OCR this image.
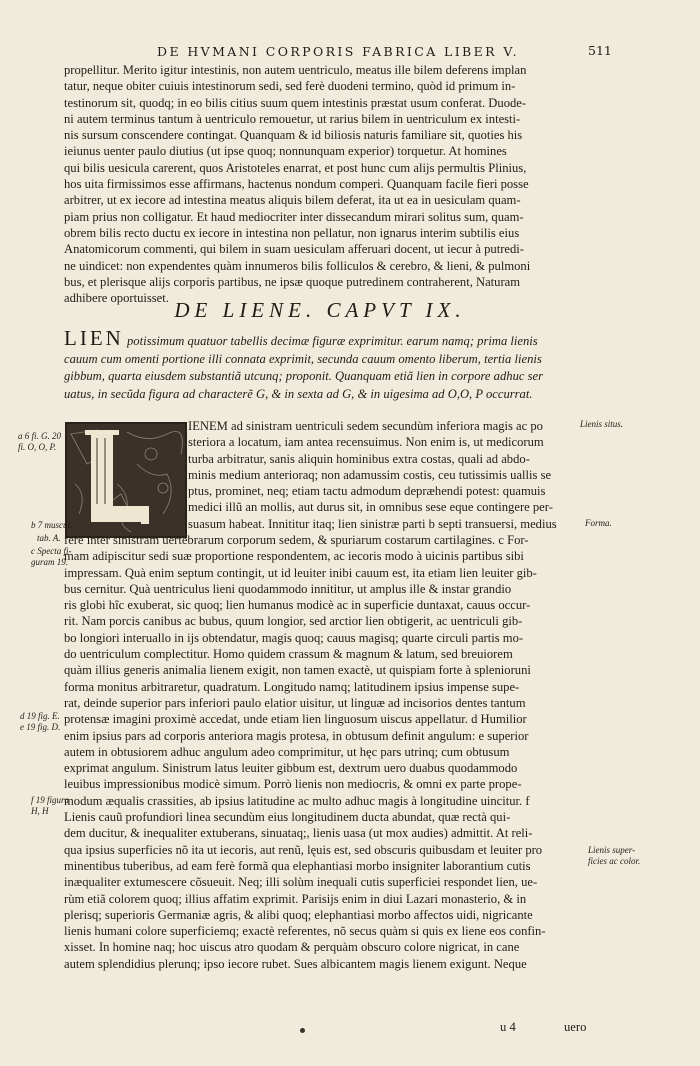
DE HVMANI CORPORIS FABRICA LIBER V.	511
propellitur. Merito igitur intestinis, non autem uentriculo, meatus ille bilem deferens implan
tatur, neque obiter cuiuis intestinorum sedi, sed ferè duodeni termino, quòd id primum in-
testinorum sit, quodq; in eo bilis citius suum quem intestinis præstat usum conferat. Duode-
ni autem terminus tantum à uentriculo remouetur, ut rarius bilem in uentriculum ex intesti-
nis sursum conscendere contingat. Quanquam & id biliosis naturis familiare sit, quoties his
ieiunus uenter paulo diutius (ut ipse quoq; nonnunquam experior) torquetur. At homines
qui bilis uesicula carerent, quos Aristoteles enarrat, et post hunc cum alijs permultis Plinius,
hos uita firmissimos esse affirmans, hactenus nondum comperi. Quanquam facile fieri posse
arbitrer, ut ex iecore ad intestina meatus aliquis bilem deferat, ita ut ea in uesiculam quam-
piam prius non colligatur. Et haud mediocriter inter dissecandum mirari solitus sum, quam-
obrem bilis recto ductu ex iecore in intestina non pellatur, non ignarus interim subtilis eius
Anatomicorum commenti, qui bilem in suam uesiculam afferuari docent, ut iecur à putredi-
ne uindicet: non expendentes quàm innumeros bilis folliculos & cerebro, & lieni, & pulmoni
bus, et plerisque alijs corporis partibus, ne ipsæ quoque putredinem contraherent, Naturam
adhibere oportuisset. DE LIENE. CAPVT IX.
LIEN potissimum quatuor tabellis decimæ figuræ exprimitur. earum namq; prima lienis
cauum cum omenti portione illi connata exprimit, secunda cauum omento liberum, tertia lienis
gibbum, quarta eiusdem substantiã utcunq; proponit. Quanquam etiã lien in corpore adhuc ser
uatus, in secũda figura ad characterẽ G, & in sexta ad G, & in uigesima ad O,O, P occurrat.
IENEM ad sinistram uentriculi sedem secundùm inferiora magis ac po
steriora a locatum, iam antea recensuimus. Non enim is, ut medicorum
turba arbitratur, sanis aliquin hominibus extra costas, quali ad abdo-
minis medium anterioraq; non adamussim costis, ceu tutissimis uallis se
ptus, prominet, neq; etiam tactu admodum depræhendi potest: quamuis
medici illũ an mollis, aut durus sit, in omnibus sese eque contingere per-
suasum habeat. Innititur itaq; lien sinistræ parti b septi transuersi, medius
fere inter sinistram uertebrarum corporum sedem, & spuriarum costarum cartilagines. c For-
mam adipiscitur sedi suæ proportione respondentem, ac iecoris modo à uicinis partibus sibi
impressam. Quà enim septum contingit, ut id leuiter inibi cauum est, ita etiam lien leuiter gib-
bus cernitur. Quà uentriculus lieni quodammodo innititur, ut amplus ille & instar grandio
ris globi hîc exuberat, sic quoq; lien humanus modicè ac in superficie duntaxat, cauus occur-
rit. Nam porcis canibus ac bubus, quum longior, sed arctior lien obtigerit, ac uentriculi gib-
bo longiori interuallo in ijs obtendatur, magis quoq; cauus magisq; quarte circuli partis mo-
do uentriculum complectitur. Homo quidem crassum & magnum & latum, sed breuiorem
quàm illius generis animalia lienem exigit, non tamen exactè, ut quispiam forte à splenioruni
forma monitus arbitraretur, quadratum. Longitudo namq; latitudinem ipsius impense supe-
rat, deinde superior pars inferiori paulo elatior uisitur, ut linguæ ad incisorios dentes tantum
protensæ imagini proximè accedat, unde etiam lien linguosum uiscus appellatur. d Humilior
enim ipsius pars ad corporis anteriora magis protesa, in obtusum definit angulum: e superior
autem in obtusiorem adhuc angulum adeo comprimitur, ut hęc pars utrinq; cum obtusum
exprimat angulum. Sinistrum latus leuiter gibbum est, dextrum uero duabus quodammodo
leuibus impressionibus modicè simum. Porrò lienis non mediocris, & omni ex parte prope-
modum æqualis crassities, ab ipsius latitudine ac multo adhuc magis à longitudine uincitur. f
Lienis cauũ profundiori linea secundùm eius longitudinem ducta abundat, quæ rectà qui-
dem ducitur, & inequaliter extuberans, sinuataq;, lienis uasa (ut mox audies) admittit. At reli-
qua ipsius superficies nõ ita ut iecoris, aut renũ, lęuis est, sed obscuris quibusdam et leuiter pro
minentibus tuberibus, ad eam ferè formã qua elephantiasi morbo insigniter laborantium cutis
inæqualiter extumescere cõsueuit. Neq; illi solùm inequali cutis superficiei respondet lien, ue-
rùm etiã colorem quoq; illius affatim exprimit. Parisijs enim in diui Lazari monasterio, & in
plerisq; superioris Germaniæ agris, & alibi quoq; elephantiasi morbo affectos uidi, nigricante
lienis humani colore superficiemq; exactè referentes, nõ secus quàm si quis ex liene eos confin-
xisset. In homine naq; hoc uiscus atro quodam & perquàm obscuro colore nigricat, in cane
autem splendidius plerunq; ipso iecore rubet. Sues albicantem magis lienem exigunt. Neque
a 6 fi. G. 20
fi. O, O, P.
Lienis situs.
Forma.
b 7 muscul.
tab. A.
c Specta fi-
guram 19.
d 19 fig. E.
e 19 fig. D.
f 19 figura
H, H
Lienis super-
ficies ac color.
u 4	uero
